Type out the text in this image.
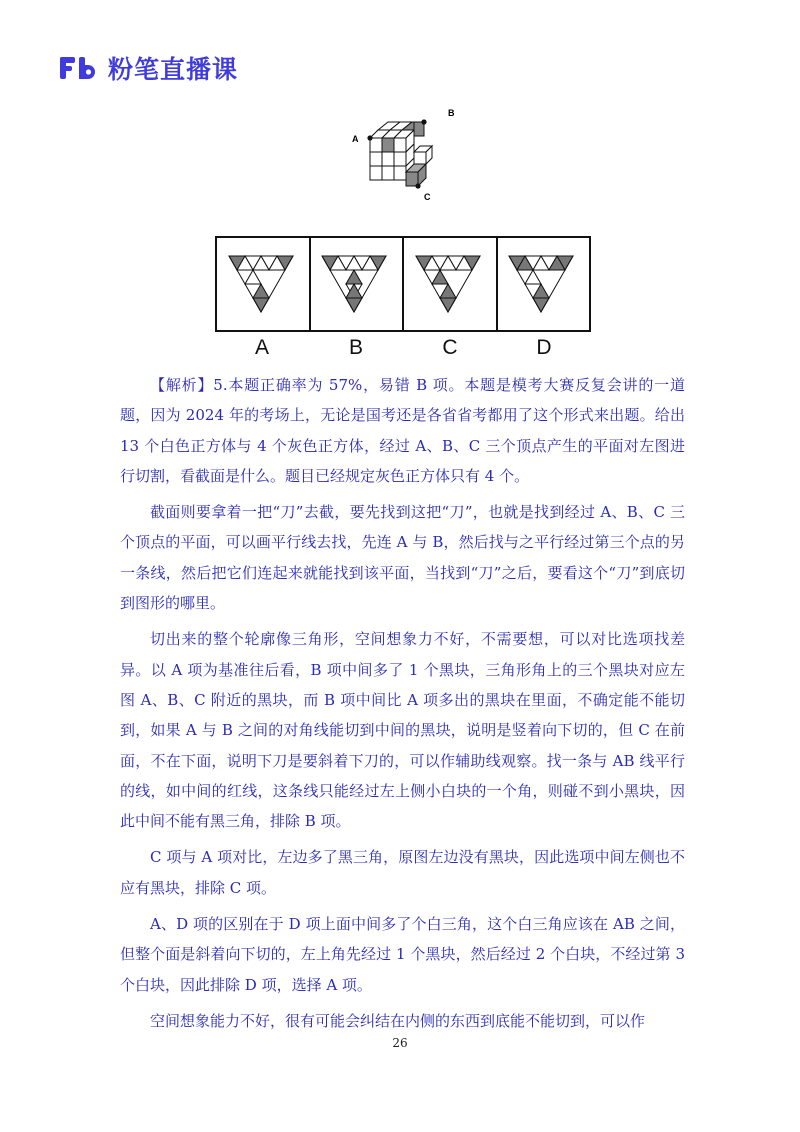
粉笔直播课
A
B
C
A	B	C	D

【解析】5.本题正确率为 57%，易错 B 项。本题是模考大赛反复会讲的一道题，因为 2024 年的考场上，无论是国考还是各省省考都用了这个形式来出题。给出 13 个白色正方体与 4 个灰色正方体，经过 A、B、C 三个顶点产生的平面对左图进行切割，看截面是什么。题目已经规定灰色正方体只有 4 个。

截面则要拿着一把“刀”去截，要先找到这把“刀”，也就是找到经过 A、B、C 三个顶点的平面，可以画平行线去找，先连 A 与 B，然后找与之平行经过第三个点的另一条线，然后把它们连起来就能找到该平面，当找到“刀”之后，要看这个“刀”到底切到图形的哪里。

切出来的整个轮廓像三角形，空间想象力不好，不需要想，可以对比选项找差异。以 A 项为基准往后看，B 项中间多了 1 个黑块，三角形角上的三个黑块对应左图 A、B、C 附近的黑块，而 B 项中间比 A 项多出的黑块在里面，不确定能不能切到，如果 A 与 B 之间的对角线能切到中间的黑块，说明是竖着向下切的，但 C 在前面，不在下面，说明下刀是要斜着下刀的，可以作辅助线观察。找一条与 AB 线平行的线，如中间的红线，这条线只能经过左上侧小白块的一个角，则碰不到小黑块，因此中间不能有黑三角，排除 B 项。

C 项与 A 项对比，左边多了黑三角，原图左边没有黑块，因此选项中间左侧也不应有黑块，排除 C 项。

A、D 项的区别在于 D 项上面中间多了个白三角，这个白三角应该在 AB 之间，但整个面是斜着向下切的，左上角先经过 1 个黑块，然后经过 2 个白块，不经过第 3 个白块，因此排除 D 项，选择 A 项。

空间想象能力不好，很有可能会纠结在内侧的东西到底能不能切到，可以作

26
